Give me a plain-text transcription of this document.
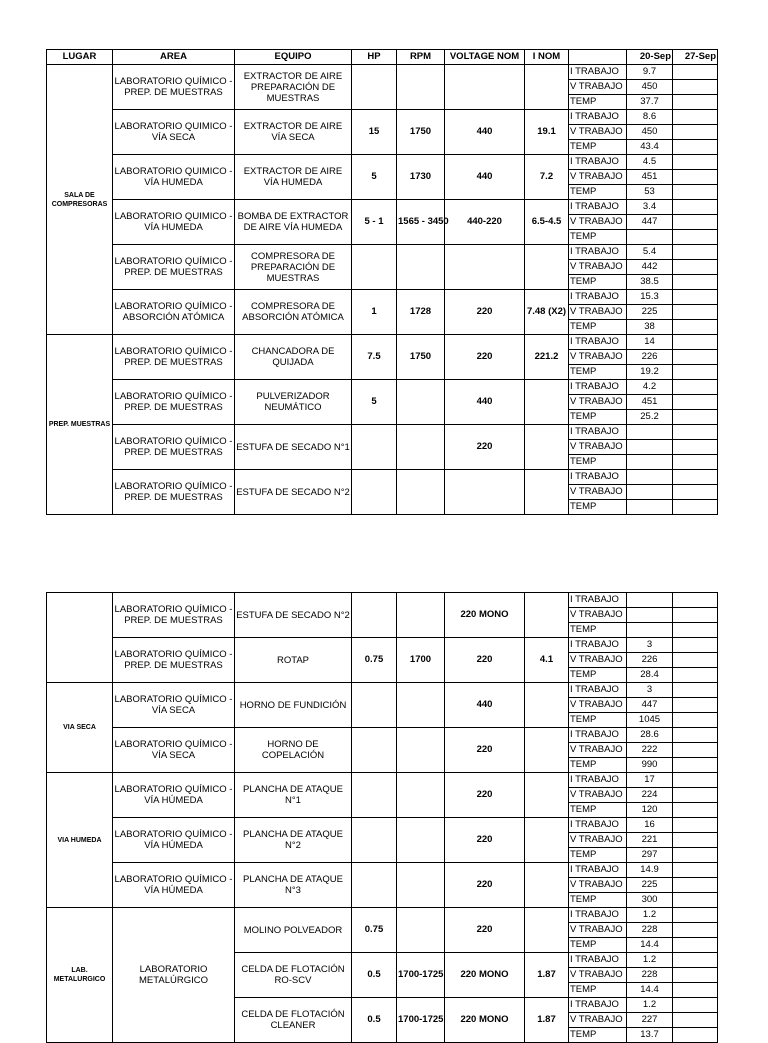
LUGAR	AREA	EQUIPO	HP	RPM	VOLTAGE NOM	I NOM		20-Sep	27-Sep
SALA DE COMPRESORAS	LABORATORIO QUÍMICO - PREP. DE MUESTRAS	EXTRACTOR DE AIRE PREPARACIÓN DE MUESTRAS					I TRABAJO	9.7	
							V TRABAJO	450	
							TEMP	37.7	
	LABORATORIO QUIMICO - VÍA SECA	EXTRACTOR DE AIRE VÍA SECA	15	1750	440	19.1	I TRABAJO	8.6	
							V TRABAJO	450	
							TEMP	43.4	
	LABORATORIO QUIMICO - VÍA HUMEDA	EXTRACTOR DE AIRE VÍA HUMEDA	5	1730	440	7.2	I TRABAJO	4.5	
							V TRABAJO	451	
							TEMP	53	
	LABORATORIO QUIMICO - VÍA HUMEDA	BOMBA DE EXTRACTOR DE AIRE VÍA HUMEDA	5 - 1	1565 - 3450	440-220	6.5-4.5	I TRABAJO	3.4	
							V TRABAJO	447	
							TEMP		
	LABORATORIO QUÍMICO - PREP. DE MUESTRAS	COMPRESORA DE PREPARACIÓN DE MUESTRAS					I TRABAJO	5.4	
							V TRABAJO	442	
							TEMP	38.5	
	LABORATORIO QUÍMICO - ABSORCIÓN ATÓMICA	COMPRESORA DE ABSORCIÓN ATÓMICA	1	1728	220	7.48 (X2)	I TRABAJO	15.3	
							V TRABAJO	225	
							TEMP	38	
PREP. MUESTRAS	LABORATORIO QUÍMICO - PREP. DE MUESTRAS	CHANCADORA DE QUIJADA	7.5	1750	220	221.2	I TRABAJO	14	
							V TRABAJO	226	
							TEMP	19.2	
	LABORATORIO QUÍMICO - PREP. DE MUESTRAS	PULVERIZADOR NEUMÁTICO	5		440		I TRABAJO	4.2	
							V TRABAJO	451	
							TEMP	25.2	
	LABORATORIO QUÍMICO - PREP. DE MUESTRAS	ESTUFA DE SECADO N°1			220		I TRABAJO		
							V TRABAJO		
							TEMP		
	LABORATORIO QUÍMICO - PREP. DE MUESTRAS	ESTUFA DE SECADO N°2					I TRABAJO		
							V TRABAJO		
							TEMP		
	LABORATORIO QUÍMICO - PREP. DE MUESTRAS	ESTUFA DE SECADO N°2			220 MONO		I TRABAJO		
							V TRABAJO		
							TEMP		
	LABORATORIO QUÍMICO - PREP. DE MUESTRAS	ROTAP	0.75	1700	220	4.1	I TRABAJO	3	
							V TRABAJO	226	
							TEMP	28.4	
VIA SECA	LABORATORIO QUÍMICO - VÍA SECA	HORNO DE FUNDICIÓN			440		I TRABAJO	3	
							V TRABAJO	447	
							TEMP	1045	
	LABORATORIO QUÍMICO - VÍA SECA	HORNO DE COPELACIÓN			220		I TRABAJO	28.6	
							V TRABAJO	222	
							TEMP	990	
VIA HUMEDA	LABORATORIO QUÍMICO - VÍA HÚMEDA	PLANCHA DE ATAQUE N°1			220		I TRABAJO	17	
							V TRABAJO	224	
							TEMP	120	
	LABORATORIO QUÍMICO - VÍA HÚMEDA	PLANCHA DE ATAQUE N°2			220		I TRABAJO	16	
							V TRABAJO	221	
							TEMP	297	
	LABORATORIO QUÍMICO - VÍA HÚMEDA	PLANCHA DE ATAQUE N°3			220		I TRABAJO	14.9	
							V TRABAJO	225	
							TEMP	300	
LAB. METALURGICO	LABORATORIO METALÚRGICO	MOLINO POLVEADOR	0.75		220		I TRABAJO	1.2	
							V TRABAJO	228	
							TEMP	14.4	
		CELDA DE FLOTACIÓN RO-SCV	0.5	1700-1725	220 MONO	1.87	I TRABAJO	1.2	
							V TRABAJO	228	
							TEMP	14.4	
		CELDA DE FLOTACIÓN CLEANER	0.5	1700-1725	220 MONO	1.87	I TRABAJO	1.2	
							V TRABAJO	227	
							TEMP	13.7	
